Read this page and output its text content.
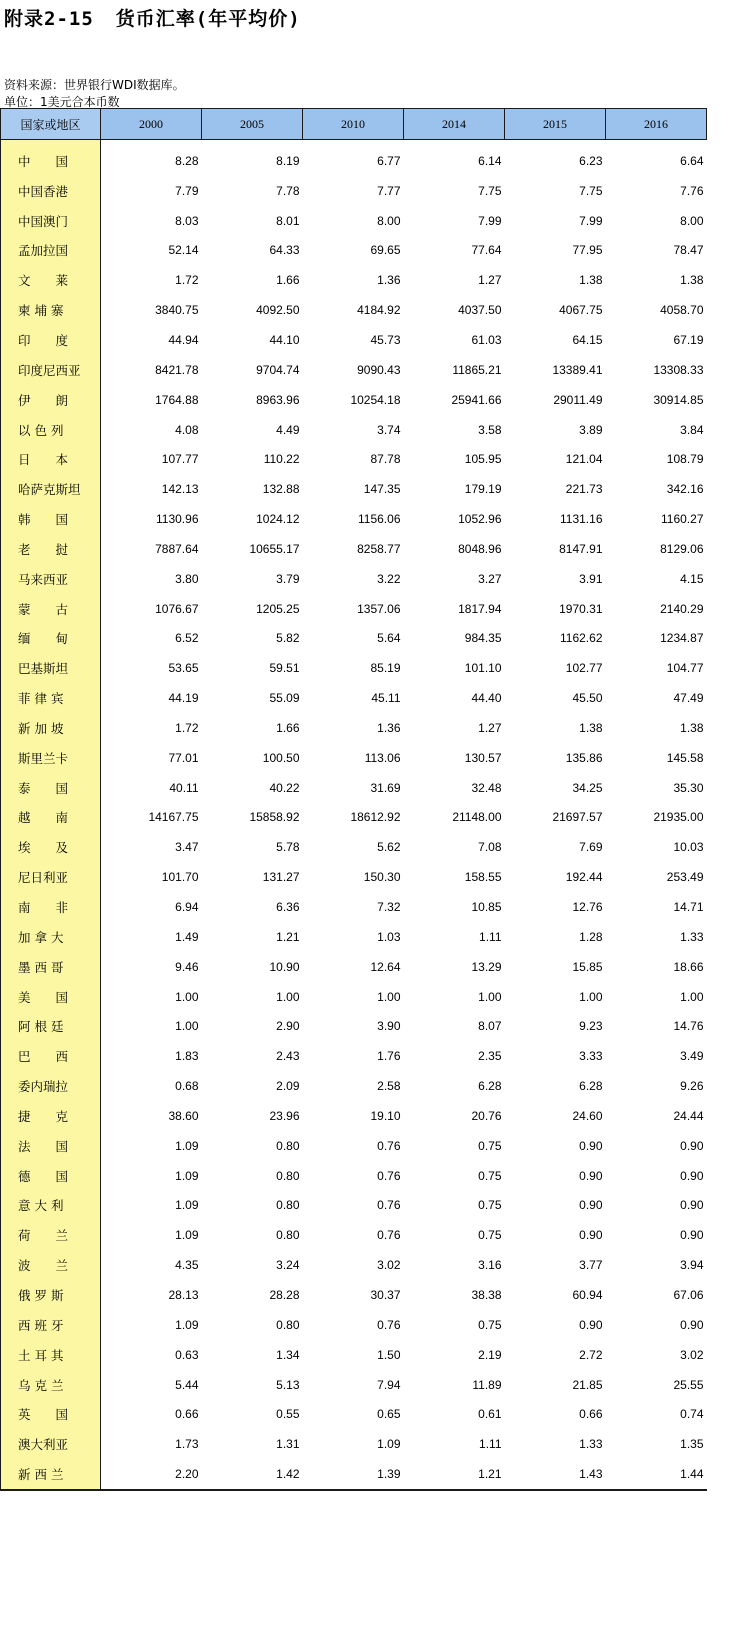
附录2-15 货币汇率(年平均价)
资料来源：世界银行WDI数据库。
单位：1美元合本币数
国家或地区	2000	2005	2010	2014	2015	2016
中　　国	8.28	8.19	6.77	6.14	6.23	6.64
中国香港	7.79	7.78	7.77	7.75	7.75	7.76
中国澳门	8.03	8.01	8.00	7.99	7.99	8.00
孟加拉国	52.14	64.33	69.65	77.64	77.95	78.47
文　　莱	1.72	1.66	1.36	1.27	1.38	1.38
柬 埔 寨	3840.75	4092.50	4184.92	4037.50	4067.75	4058.70
印　　度	44.94	44.10	45.73	61.03	64.15	67.19
印度尼西亚	8421.78	9704.74	9090.43	11865.21	13389.41	13308.33
伊　　朗	1764.88	8963.96	10254.18	25941.66	29011.49	30914.85
以 色 列	4.08	4.49	3.74	3.58	3.89	3.84
日　　本	107.77	110.22	87.78	105.95	121.04	108.79
哈萨克斯坦	142.13	132.88	147.35	179.19	221.73	342.16
韩　　国	1130.96	1024.12	1156.06	1052.96	1131.16	1160.27
老　　挝	7887.64	10655.17	8258.77	8048.96	8147.91	8129.06
马来西亚	3.80	3.79	3.22	3.27	3.91	4.15
蒙　　古	1076.67	1205.25	1357.06	1817.94	1970.31	2140.29
缅　　甸	6.52	5.82	5.64	984.35	1162.62	1234.87
巴基斯坦	53.65	59.51	85.19	101.10	102.77	104.77
菲 律 宾	44.19	55.09	45.11	44.40	45.50	47.49
新 加 坡	1.72	1.66	1.36	1.27	1.38	1.38
斯里兰卡	77.01	100.50	113.06	130.57	135.86	145.58
泰　　国	40.11	40.22	31.69	32.48	34.25	35.30
越　　南	14167.75	15858.92	18612.92	21148.00	21697.57	21935.00
埃　　及	3.47	5.78	5.62	7.08	7.69	10.03
尼日利亚	101.70	131.27	150.30	158.55	192.44	253.49
南　　非	6.94	6.36	7.32	10.85	12.76	14.71
加 拿 大	1.49	1.21	1.03	1.11	1.28	1.33
墨 西 哥	9.46	10.90	12.64	13.29	15.85	18.66
美　　国	1.00	1.00	1.00	1.00	1.00	1.00
阿 根 廷	1.00	2.90	3.90	8.07	9.23	14.76
巴　　西	1.83	2.43	1.76	2.35	3.33	3.49
委内瑞拉	0.68	2.09	2.58	6.28	6.28	9.26
捷　　克	38.60	23.96	19.10	20.76	24.60	24.44
法　　国	1.09	0.80	0.76	0.75	0.90	0.90
德　　国	1.09	0.80	0.76	0.75	0.90	0.90
意 大 利	1.09	0.80	0.76	0.75	0.90	0.90
荷　　兰	1.09	0.80	0.76	0.75	0.90	0.90
波　　兰	4.35	3.24	3.02	3.16	3.77	3.94
俄 罗 斯	28.13	28.28	30.37	38.38	60.94	67.06
西 班 牙	1.09	0.80	0.76	0.75	0.90	0.90
土 耳 其	0.63	1.34	1.50	2.19	2.72	3.02
乌 克 兰	5.44	5.13	7.94	11.89	21.85	25.55
英　　国	0.66	0.55	0.65	0.61	0.66	0.74
澳大利亚	1.73	1.31	1.09	1.11	1.33	1.35
新 西 兰	2.20	1.42	1.39	1.21	1.43	1.44
